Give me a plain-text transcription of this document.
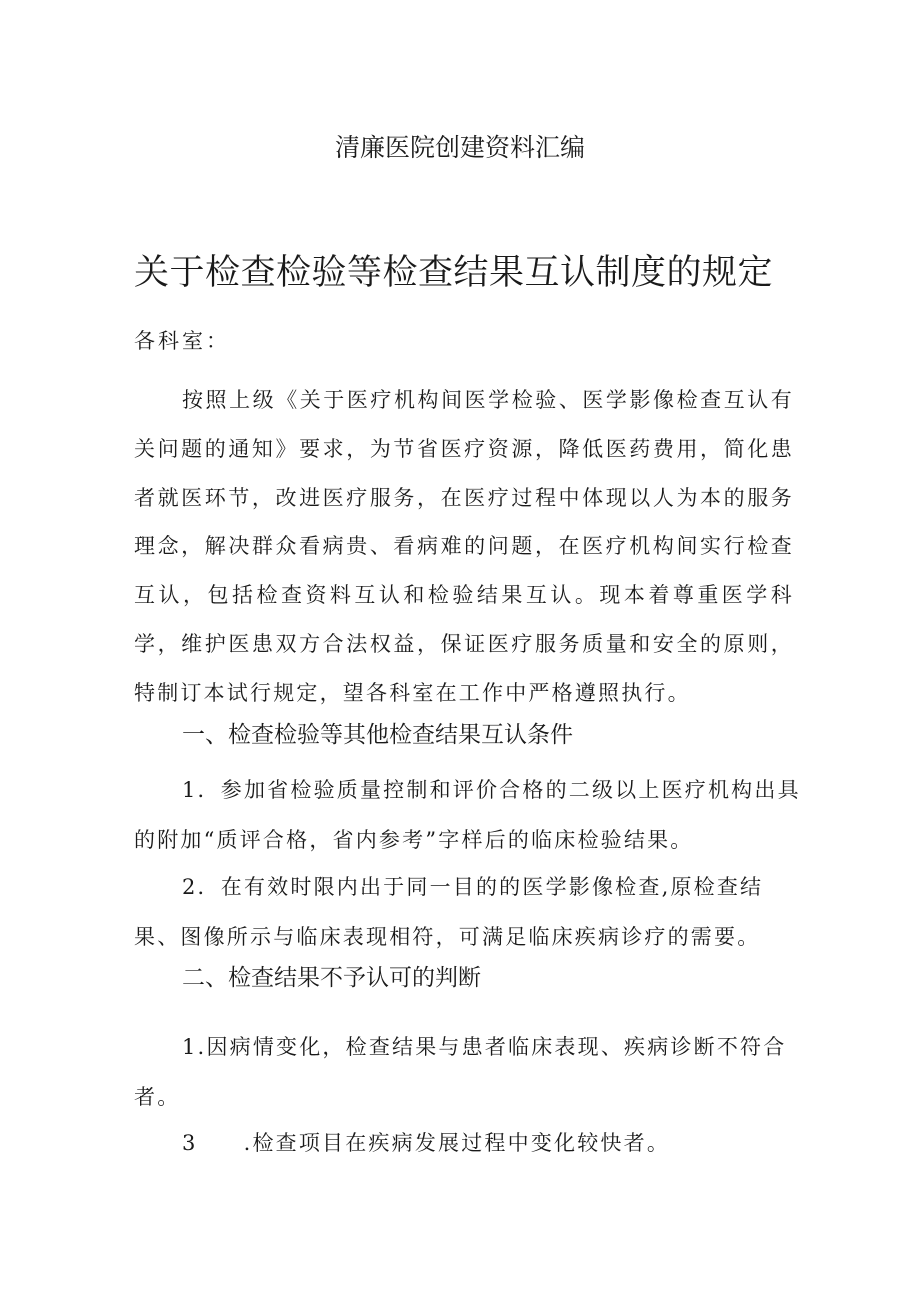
清廉医院创建资料汇编
关于检查检验等检查结果互认制度的规定
各科室：
按照上级《关于医疗机构间医学检验、医学影像检查互认有关问题的通知》要求，为节省医疗资源，降低医药费用，简化患者就医环节，改进医疗服务，在医疗过程中体现以人为本的服务理念，解决群众看病贵、看病难的问题，在医疗机构间实行检查互认，包括检查资料互认和检验结果互认。现本着尊重医学科学，维护医患双方合法权益，保证医疗服务质量和安全的原则，特制订本试行规定，望各科室在工作中严格遵照执行。
一、检查检验等其他检查结果互认条件
1．参加省检验质量控制和评价合格的二级以上医疗机构出具的附加“质评合格，省内参考”字样后的临床检验结果。
2．在有效时限内出于同一目的的医学影像检查,原检查结果、图像所示与临床表现相符，可满足临床疾病诊疗的需要。
二、检查结果不予认可的判断
1.因病情变化，检查结果与患者临床表现、疾病诊断不符合者。
3 .检查项目在疾病发展过程中变化较快者。
